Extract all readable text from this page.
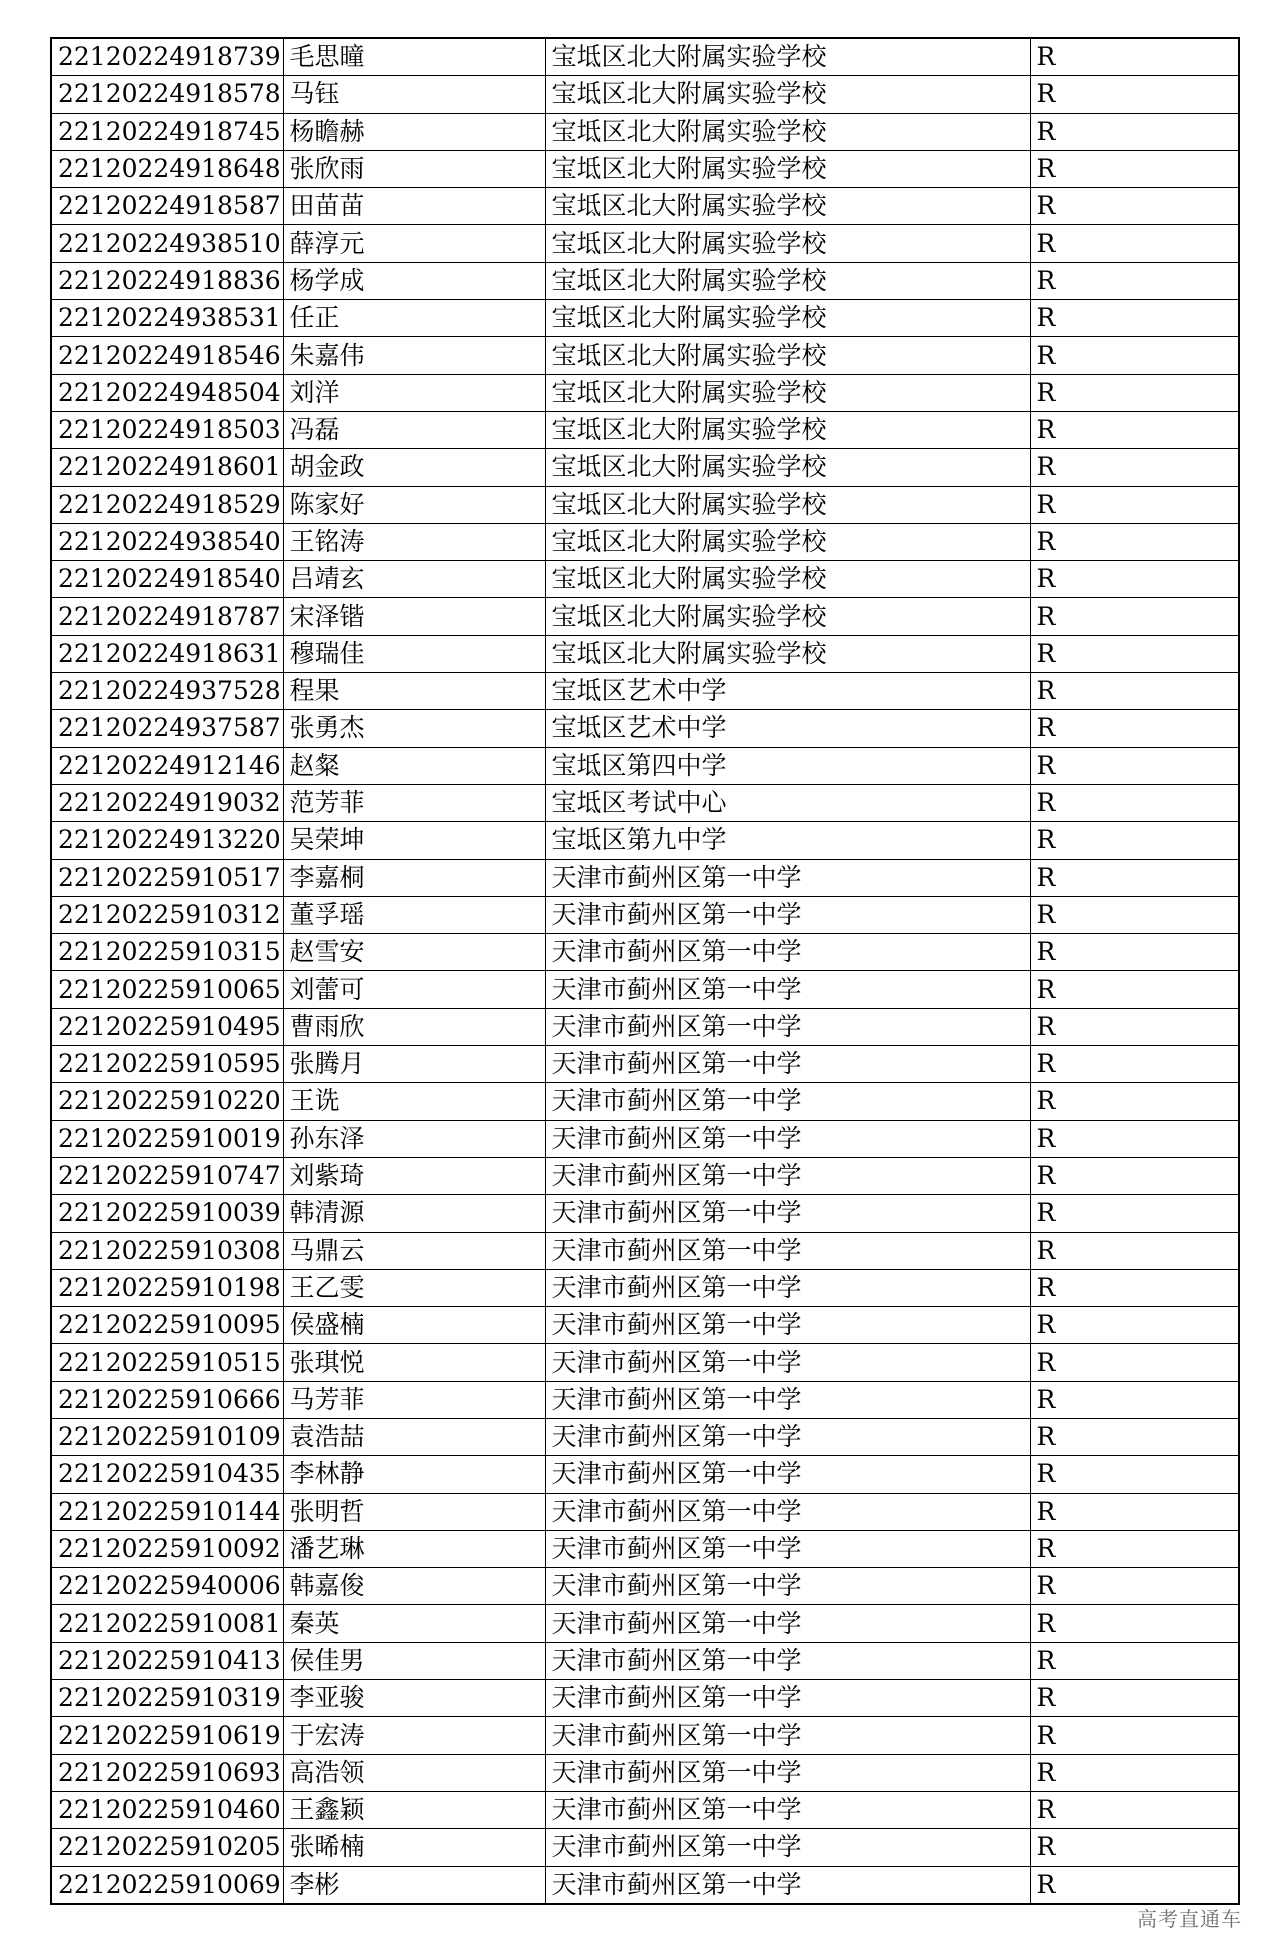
22120224918739	毛思曈	宝坻区北大附属实验学校	R
22120224918578	马钰	宝坻区北大附属实验学校	R
22120224918745	杨瞻赫	宝坻区北大附属实验学校	R
22120224918648	张欣雨	宝坻区北大附属实验学校	R
22120224918587	田苗苗	宝坻区北大附属实验学校	R
22120224938510	薛淳元	宝坻区北大附属实验学校	R
22120224918836	杨学成	宝坻区北大附属实验学校	R
22120224938531	任正	宝坻区北大附属实验学校	R
22120224918546	朱嘉伟	宝坻区北大附属实验学校	R
22120224948504	刘洋	宝坻区北大附属实验学校	R
22120224918503	冯磊	宝坻区北大附属实验学校	R
22120224918601	胡金政	宝坻区北大附属实验学校	R
22120224918529	陈家好	宝坻区北大附属实验学校	R
22120224938540	王铭涛	宝坻区北大附属实验学校	R
22120224918540	吕靖玄	宝坻区北大附属实验学校	R
22120224918787	宋泽锴	宝坻区北大附属实验学校	R
22120224918631	穆瑞佳	宝坻区北大附属实验学校	R
22120224937528	程果	宝坻区艺术中学	R
22120224937587	张勇杰	宝坻区艺术中学	R
22120224912146	赵粲	宝坻区第四中学	R
22120224919032	范芳菲	宝坻区考试中心	R
22120224913220	吴荣坤	宝坻区第九中学	R
22120225910517	李嘉桐	天津市蓟州区第一中学	R
22120225910312	董孚瑶	天津市蓟州区第一中学	R
22120225910315	赵雪安	天津市蓟州区第一中学	R
22120225910065	刘蕾可	天津市蓟州区第一中学	R
22120225910495	曹雨欣	天津市蓟州区第一中学	R
22120225910595	张腾月	天津市蓟州区第一中学	R
22120225910220	王诜	天津市蓟州区第一中学	R
22120225910019	孙东泽	天津市蓟州区第一中学	R
22120225910747	刘紫琦	天津市蓟州区第一中学	R
22120225910039	韩清源	天津市蓟州区第一中学	R
22120225910308	马鼎云	天津市蓟州区第一中学	R
22120225910198	王乙雯	天津市蓟州区第一中学	R
22120225910095	侯盛楠	天津市蓟州区第一中学	R
22120225910515	张琪悦	天津市蓟州区第一中学	R
22120225910666	马芳菲	天津市蓟州区第一中学	R
22120225910109	袁浩喆	天津市蓟州区第一中学	R
22120225910435	李林静	天津市蓟州区第一中学	R
22120225910144	张明哲	天津市蓟州区第一中学	R
22120225910092	潘艺琳	天津市蓟州区第一中学	R
22120225940006	韩嘉俊	天津市蓟州区第一中学	R
22120225910081	秦英	天津市蓟州区第一中学	R
22120225910413	侯佳男	天津市蓟州区第一中学	R
22120225910319	李亚骏	天津市蓟州区第一中学	R
22120225910619	于宏涛	天津市蓟州区第一中学	R
22120225910693	高浩领	天津市蓟州区第一中学	R
22120225910460	王鑫颖	天津市蓟州区第一中学	R
22120225910205	张晞楠	天津市蓟州区第一中学	R
22120225910069	李彬	天津市蓟州区第一中学	R
高考直通车
